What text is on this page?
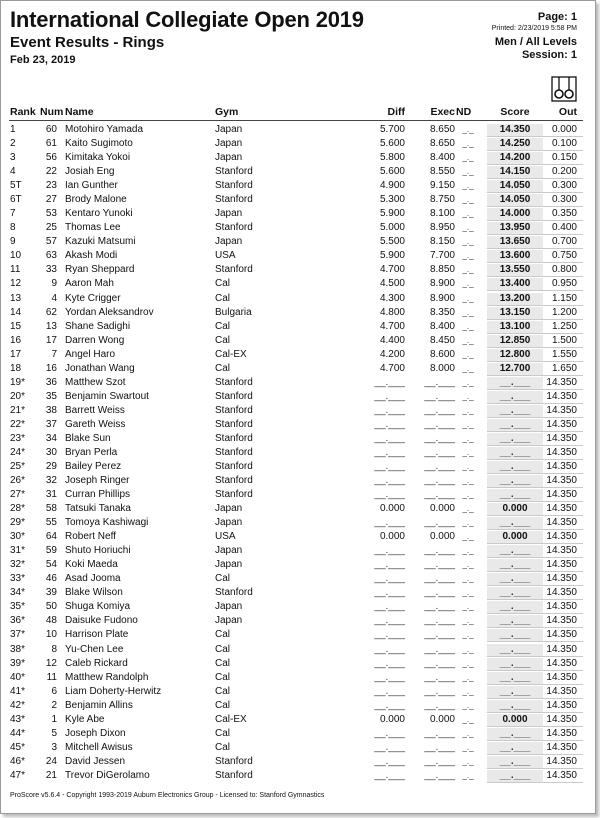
International Collegiate Open 2019
Event Results - Rings
Feb 23, 2019
Page: 1
Printed: 2/23/2019 5:58 PM
Men / All Levels
Session: 1
Rank Num Name	Gym	Diff	Exec ND	Score	Out
1	60 Motohiro Yamada	Japan	5.700	8.650 _._	14.350	0.000
2	61 Kaito Sugimoto	Japan	5.600	8.650 _._	14.250	0.100
3	56 Kimitaka Yokoi	Japan	5.800	8.400 _._	14.200	0.150
4	22 Josiah Eng	Stanford	5.600	8.550 _._	14.150	0.200
5T 23 Ian Gunther	Stanford	4.900	9.150 _._	14.050	0.300
6T 27 Brody Malone	Stanford	5.300	8.750 _._	14.050	0.300
7	53 Kentaro Yunoki	Japan	5.900	8.100 _._	14.000	0.350
8	25 Thomas Lee	Stanford	5.000	8.950 _._	13.950	0.400
9	57 Kazuki Matsumi	Japan	5.500	8.150 _._	13.650	0.700
10 63 Akash Modi	USA	5.900	7.700 _._	13.600	0.750
11	33 Ryan Sheppard	Stanford	4.700	8.850 _._	13.550	0.800
12	9 Aaron Mah	Cal	4.500	8.900 _._	13.400	0.950
13	4 Kyte Crigger	Cal	4.300	8.900 _._	13.200	1.150
14 62 Yordan Aleksandrov	Bulgaria	4.800	8.350 _._	13.150	1.200
15 13 Shane Sadighi	Cal	4.700	8.400 _._	13.100	1.250
16 17 Darren Wong	Cal	4.400	8.450 _._	12.850	1.500
17	7 Angel Haro	Cal-EX	4.200	8.600 _._	12.800	1.550
18 16 Jonathan Wang	Cal	4.700	8.000 _._	12.700	1.650
19* 36 Matthew Szot	Stanford	__.___	__.___ _._	__.___	14.350
20* 35 Benjamin Swartout	Stanford	__.___	__.___ _._	__.___	14.350
21* 38 Barrett Weiss	Stanford	__.___	__.___ _._	__.___	14.350
22* 37 Gareth Weiss	Stanford	__.___	__.___ _._	__.___	14.350
23* 34 Blake Sun	Stanford	__.___	__.___ _._	__.___	14.350
24* 30 Bryan Perla	Stanford	__.___	__.___ _._	__.___	14.350
25* 29 Bailey Perez	Stanford	__.___	__.___ _._	__.___	14.350
26* 32 Joseph Ringer	Stanford	__.___	__.___ _._	__.___	14.350
27* 31 Curran Phillips	Stanford	__.___	__.___ _._	__.___	14.350
28* 58 Tatsuki Tanaka	Japan	0.000	0.000 _._	0.000	14.350
29* 55 Tomoya Kashiwagi	Japan	__.___	__.___ _._	__.___	14.350
30* 64 Robert Neff	USA	0.000	0.000 _._	0.000	14.350
31* 59 Shuto Horiuchi	Japan	__.___	__.___ _._	__.___	14.350
32* 54 Koki Maeda	Japan	__.___	__.___ _._	__.___	14.350
33* 46 Asad Jooma	Cal	__.___	__.___ _._	__.___	14.350
34* 39 Blake Wilson	Stanford	__.___	__.___ _._	__.___	14.350
35* 50 Shuga Komiya	Japan	__.___	__.___ _._	__.___	14.350
36* 48 Daisuke Fudono	Japan	__.___	__.___ _._	__.___	14.350
37* 10 Harrison Plate	Cal	__.___	__.___ _._	__.___	14.350
38*	8 Yu-Chen Lee	Cal	__.___	__.___ _._	__.___	14.350
39* 12 Caleb Rickard	Cal	__.___	__.___ _._	__.___	14.350
40*	11 Matthew Randolph	Cal	__.___	__.___ _._	__.___	14.350
41*	6 Liam Doherty-Herwitz	Cal	__.___	__.___ _._	__.___	14.350
42*	2 Benjamin Allins	Cal	__.___	__.___ _._	__.___	14.350
43*	1 Kyle Abe	Cal-EX	0.000	0.000 _._	0.000	14.350
44*	5 Joseph Dixon	Cal	__.___	__.___ _._	__.___	14.350
45*	3 Mitchell Awisus	Cal	__.___	__.___ _._	__.___	14.350
46* 24 David Jessen	Stanford	__.___	__.___ _._	__.___	14.350
47* 21 Trevor DiGerolamo	Stanford	__.___	__.___ _._	__.___	14.350
ProScore v5.6.4 - Copyright 1993-2019 Auburn Electronics Group - Licensed to: Stanford Gymnastics
